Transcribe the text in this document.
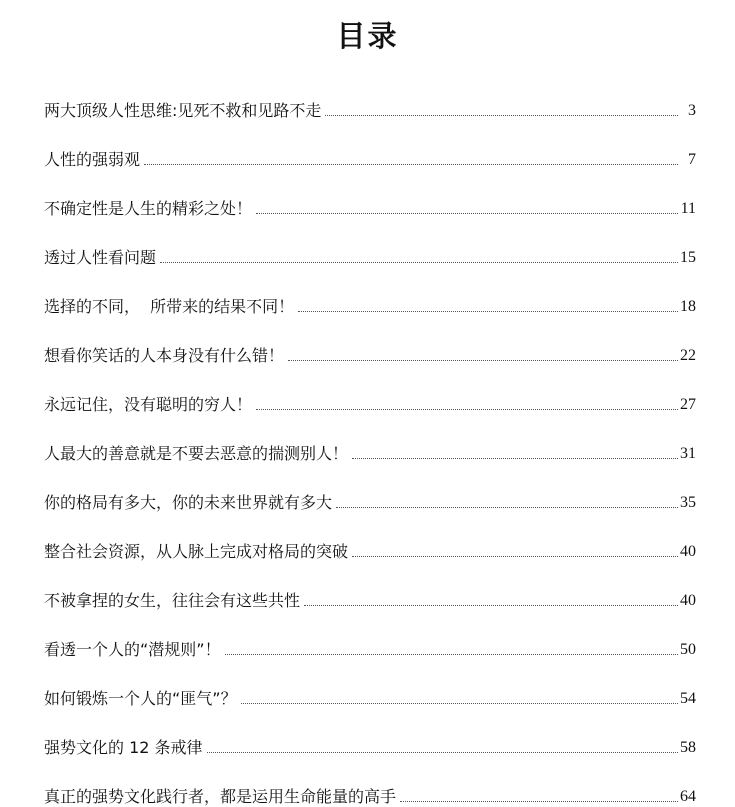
目录
两大顶级人性思维:见死不救和见路不走	3
人性的强弱观	7
不确定性是人生的精彩之处！	11
透过人性看问题	15
选择的不同，  所带来的结果不同！	18
想看你笑话的人本身没有什么错！	22
永远记住，没有聪明的穷人！	27
人最大的善意就是不要去恶意的揣测别人！	31
你的格局有多大，你的未来世界就有多大	35
整合社会资源，从人脉上完成对格局的突破	40
不被拿捏的女生，往往会有这些共性	40
看透一个人的“潜规则”！	50
如何锻炼一个人的“匪气”？	54
强势文化的 12 条戒律	58
真正的强势文化践行者，都是运用生命能量的高手	64
